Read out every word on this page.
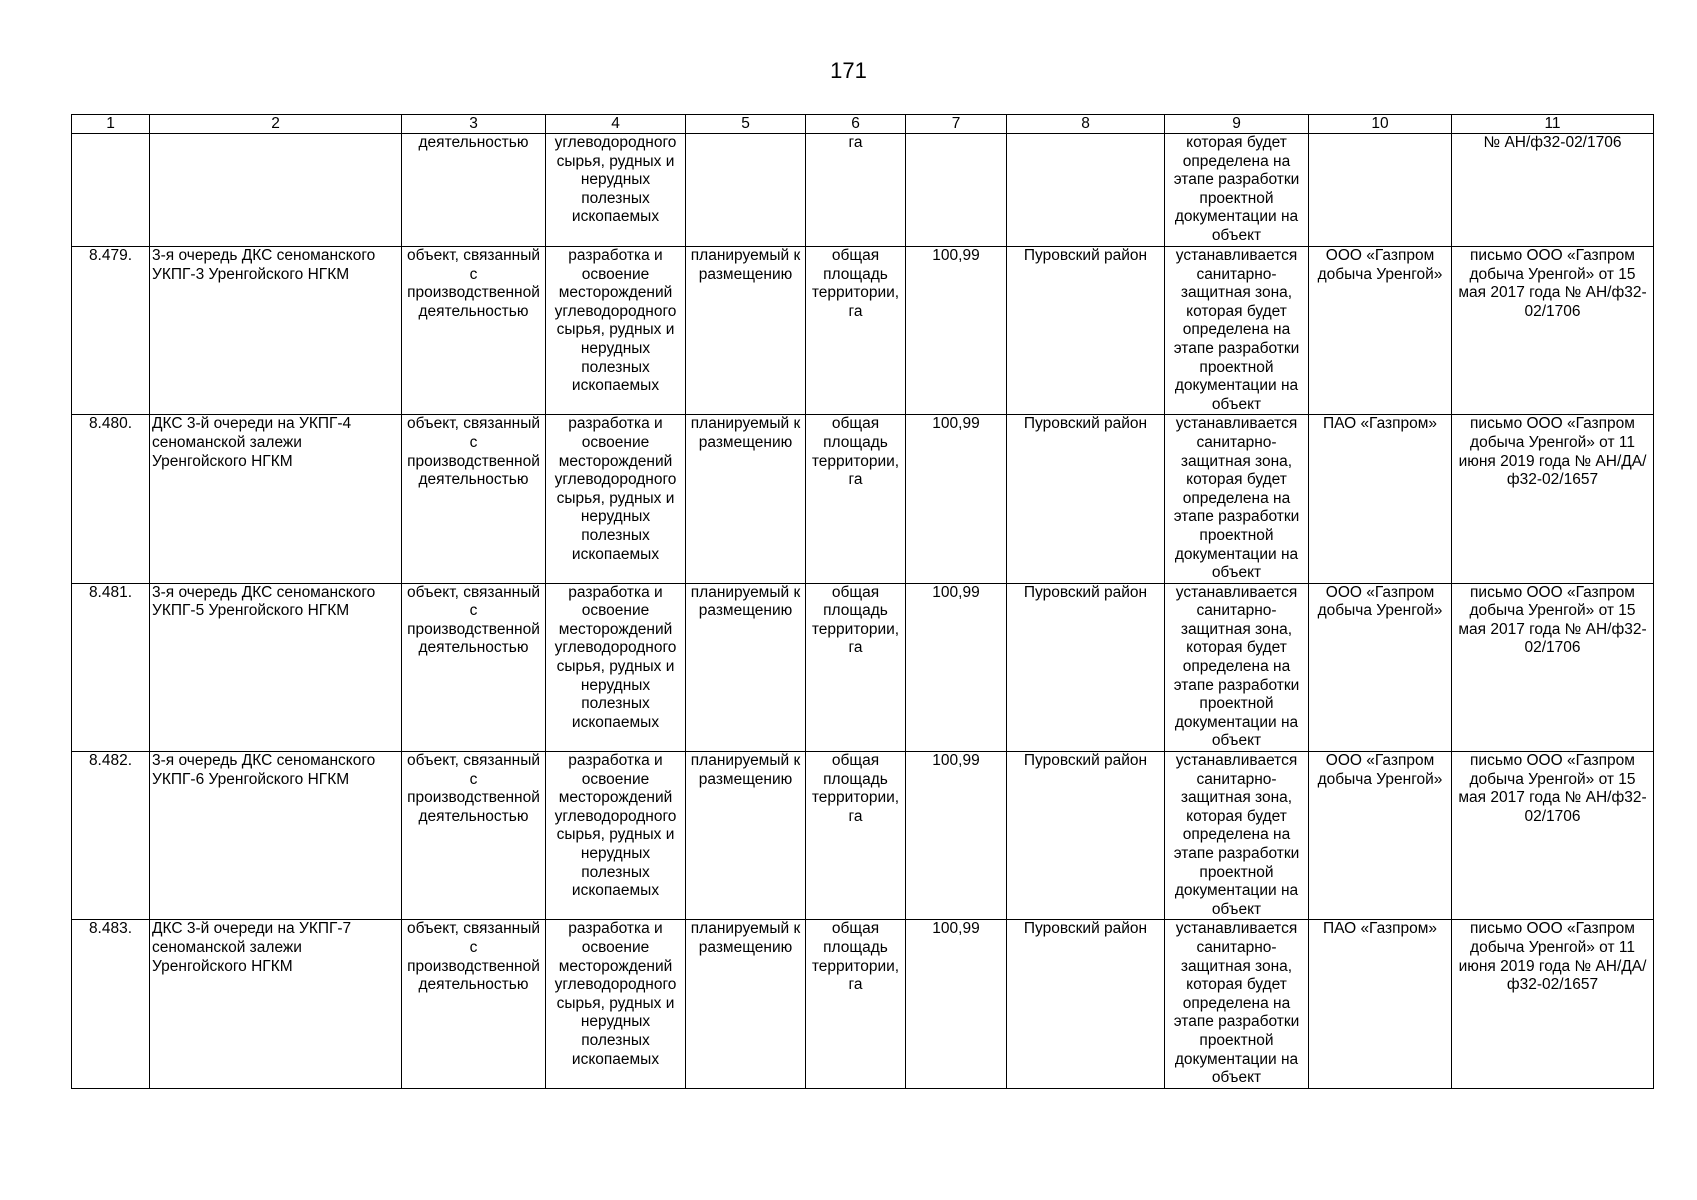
171
1	2	3	4	5	6	7	8	9	10	11
		деятельностью	углеводородного сырья, рудных и нерудных полезных ископаемых		га			которая будет определена на этапе разработки проектной документации на объект		№ АН/ф32-02/1706
8.479.	3-я очередь ДКС сеноманского УКПГ-3 Уренгойского НГКМ	объект, связанный с производственной деятельностью	разработка и освоение месторождений углеводородного сырья, рудных и нерудных полезных ископаемых	планируемый к размещению	общая площадь территории, га	100,99	Пуровский район	устанавливается санитарно-защитная зона, которая будет определена на этапе разработки проектной документации на объект	ООО «Газпром добыча Уренгой»	письмо ООО «Газпром добыча Уренгой» от 15 мая 2017 года № АН/ф32-02/1706
8.480.	ДКС 3-й очереди на УКПГ-4 сеноманской залежи Уренгойского НГКМ	объект, связанный с производственной деятельностью	разработка и освоение месторождений углеводородного сырья, рудных и нерудных полезных ископаемых	планируемый к размещению	общая площадь территории, га	100,99	Пуровский район	устанавливается санитарно-защитная зона, которая будет определена на этапе разработки проектной документации на объект	ПАО «Газпром»	письмо ООО «Газпром добыча Уренгой» от 11 июня 2019 года № АН/ДА/ф32-02/1657
8.481.	3-я очередь ДКС сеноманского УКПГ-5 Уренгойского НГКМ	объект, связанный с производственной деятельностью	разработка и освоение месторождений углеводородного сырья, рудных и нерудных полезных ископаемых	планируемый к размещению	общая площадь территории, га	100,99	Пуровский район	устанавливается санитарно-защитная зона, которая будет определена на этапе разработки проектной документации на объект	ООО «Газпром добыча Уренгой»	письмо ООО «Газпром добыча Уренгой» от 15 мая 2017 года № АН/ф32-02/1706
8.482.	3-я очередь ДКС сеноманского УКПГ-6 Уренгойского НГКМ	объект, связанный с производственной деятельностью	разработка и освоение месторождений углеводородного сырья, рудных и нерудных полезных ископаемых	планируемый к размещению	общая площадь территории, га	100,99	Пуровский район	устанавливается санитарно-защитная зона, которая будет определена на этапе разработки проектной документации на объект	ООО «Газпром добыча Уренгой»	письмо ООО «Газпром добыча Уренгой» от 15 мая 2017 года № АН/ф32-02/1706
8.483.	ДКС 3-й очереди на УКПГ-7 сеноманской залежи Уренгойского НГКМ	объект, связанный с производственной деятельностью	разработка и освоение месторождений углеводородного сырья, рудных и нерудных полезных ископаемых	планируемый к размещению	общая площадь территории, га	100,99	Пуровский район	устанавливается санитарно-защитная зона, которая будет определена на этапе разработки проектной документации на объект	ПАО «Газпром»	письмо ООО «Газпром добыча Уренгой» от 11 июня 2019 года № АН/ДА/ф32-02/1657
